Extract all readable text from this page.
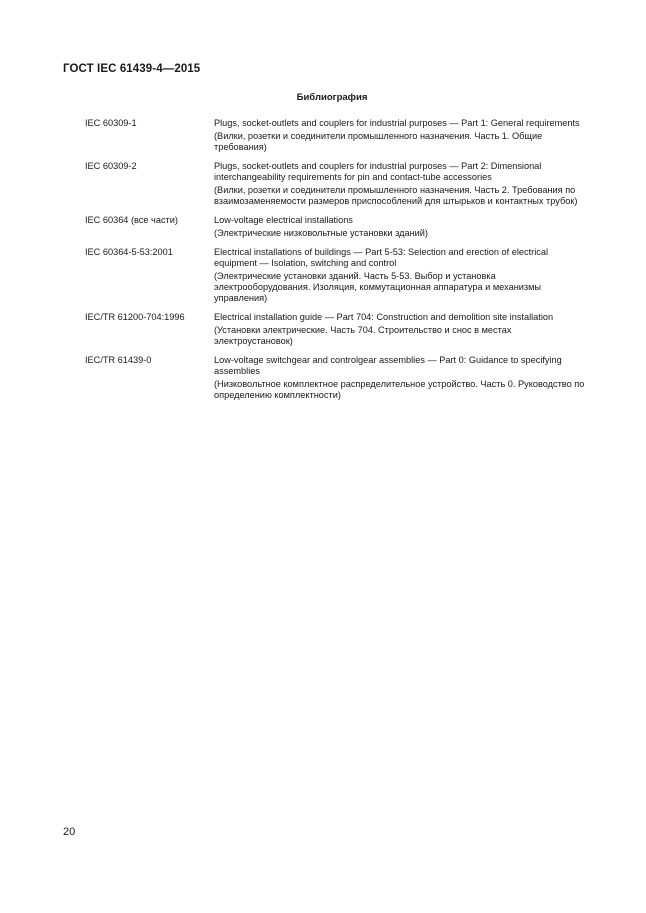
ГОСТ IEC 61439-4—2015
Библиография
IEC 60309-1	Plugs, socket-outlets and couplers for industrial purposes — Part 1: General requirements
(Вилки, розетки и соединители промышленного назначения. Часть 1. Общие требования)
IEC 60309-2	Plugs, socket-outlets and couplers for industrial purposes — Part 2: Dimensional interchangeability requirements for pin and contact-tube accessories
(Вилки, розетки и соединители промышленного назначения. Часть 2. Требования по взаимозаменяемости размеров приспособлений для штырьков и контактных трубок)
IEC 60364 (все части)	Low-voltage electrical installations
(Электрические низковольтные установки зданий)
IEC 60364-5-53:2001	Electrical installations of buildings — Part 5-53: Selection and erection of electrical equipment — Isolation, switching and control
(Электрические установки зданий. Часть 5-53. Выбор и установка электрооборудования. Изоляция, коммутационная аппаратура и механизмы управления)
IEC/TR 61200-704:1996	Electrical installation guide — Part 704: Construction and demolition site installation
(Установки электрические. Часть 704. Строительство и снос в местах электроустановок)
IEC/TR 61439-0	Low-voltage switchgear and controlgear assemblies — Part 0: Guidance to specifying assemblies
(Низковольтное комплектное распределительное устройство. Часть 0. Руководство по определению комплектности)
20
